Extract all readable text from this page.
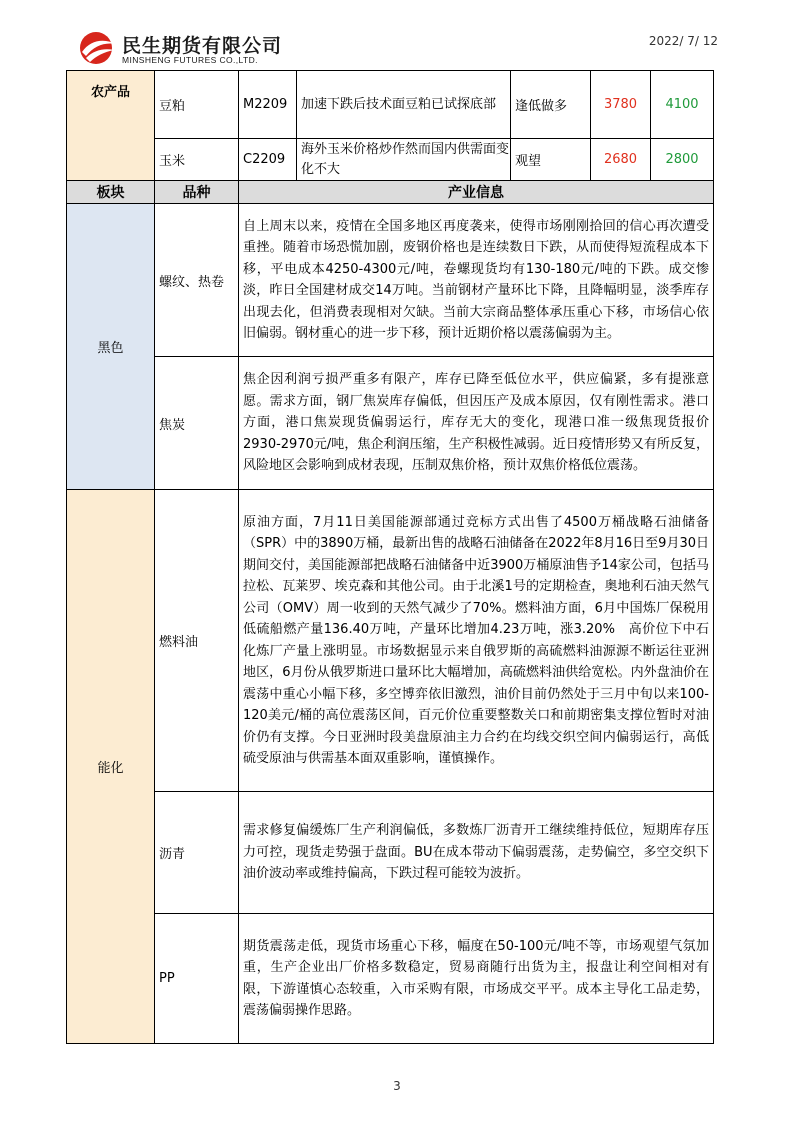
民生期货有限公司
MINSHENG FUTURES CO.,LTD.
2022/ 7/ 12
农产品	豆粕	M2209	加速下跌后技术面豆粕已试探底部	逢低做多	3780	4100
	玉米	C2209	海外玉米价格炒作然而国内供需面变化不大	观望	2680	2800
板块	品种	产业信息				
黑色	螺纹、热卷	自上周末以来，疫情在全国多地区再度袭来，使得市场刚刚拾回的信心再次遭受重挫。随着市场恐慌加剧，废钢价格也是连续数日下跌，从而使得短流程成本下移，平电成本4250-4300元/吨，卷螺现货均有130-180元/吨的下跌。成交惨淡，昨日全国建材成交14万吨。当前钢材产量环比下降，且降幅明显，淡季库存出现去化，但消费表现相对欠缺。当前大宗商品整体承压重心下移，市场信心依旧偏弱。钢材重心的进一步下移，预计近期价格以震荡偏弱为主。				
	焦炭	焦企因利润亏损严重多有限产，库存已降至低位水平，供应偏紧，多有提涨意愿。需求方面，钢厂焦炭库存偏低，但因压产及成本原因，仅有刚性需求。港口方面，港口焦炭现货偏弱运行，库存无大的变化，现港口准一级焦现货报价2930-2970元/吨，焦企利润压缩，生产积极性减弱。近日疫情形势又有所反复，风险地区会影响到成材表现，压制双焦价格，预计双焦价格低位震荡。				
能化	燃料油	原油方面，7月11日美国能源部通过竞标方式出售了4500万桶战略石油储备（SPR）中的3890万桶，最新出售的战略石油储备在2022年8月16日至9月30日期间交付，美国能源部把战略石油储备中近3900万桶原油售予14家公司，包括马拉松、瓦莱罗、埃克森和其他公司。由于北溪1号的定期检查，奥地利石油天然气公司（OMV）周一收到的天然气减少了70%。燃料油方面，6月中国炼厂保税用低硫船燃产量136.40万吨，产量环比增加4.23万吨，涨3.20%　高价位下中石化炼厂产量上涨明显。市场数据显示来自俄罗斯的高硫燃料油源源不断运往亚洲地区，6月份从俄罗斯进口量环比大幅增加，高硫燃料油供给宽松。内外盘油价在震荡中重心小幅下移，多空博弈依旧激烈，油价目前仍然处于三月中旬以来100-120美元/桶的高位震荡区间，百元价位重要整数关口和前期密集支撑位暂时对油价仍有支撑。今日亚洲时段美盘原油主力合约在均线交织空间内偏弱运行，高低硫受原油与供需基本面双重影响，谨慎操作。				
	沥青	需求修复偏缓炼厂生产利润偏低，多数炼厂沥青开工继续维持低位，短期库存压力可控，现货走势强于盘面。BU在成本带动下偏弱震荡，走势偏空，多空交织下油价波动率或维持偏高，下跌过程可能较为波折。				
	PP	期货震荡走低，现货市场重心下移，幅度在50-100元/吨不等，市场观望气氛加重，生产企业出厂价格多数稳定，贸易商随行出货为主，报盘让利空间相对有限，下游谨慎心态较重，入市采购有限，市场成交平平。成本主导化工品走势，震荡偏弱操作思路。				
3
